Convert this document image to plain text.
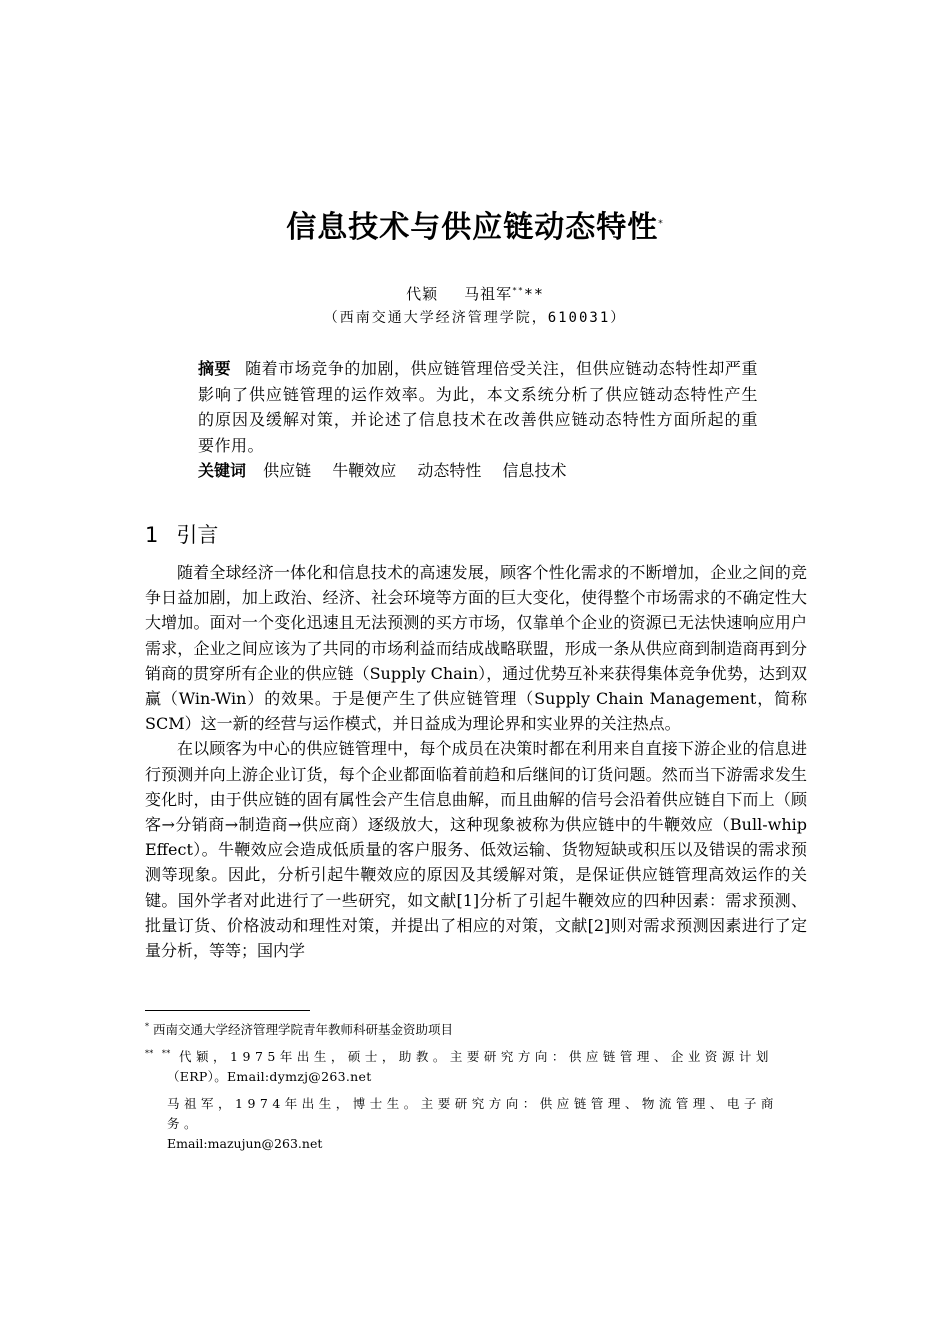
信息技术与供应链动态特性*
代颖　 马祖军****
（西南交通大学经济管理学院，610031）
摘要 随着市场竞争的加剧，供应链管理倍受关注，但供应链动态特性却严重影响了供应链管理的运作效率。为此，本文系统分析了供应链动态特性产生的原因及缓解对策，并论述了信息技术在改善供应链动态特性方面所起的重要作用。
关键词 供应链 牛鞭效应 动态特性 信息技术
1 引言

随着全球经济一体化和信息技术的高速发展，顾客个性化需求的不断增加，企业之间的竞争日益加剧，加上政治、经济、社会环境等方面的巨大变化，使得整个市场需求的不确定性大大增加。面对一个变化迅速且无法预测的买方市场，仅靠单个企业的资源已无法快速响应用户需求，企业之间应该为了共同的市场利益而结成战略联盟，形成一条从供应商到制造商再到分销商的贯穿所有企业的供应链（Supply Chain），通过优势互补来获得集体竞争优势，达到双赢（Win-Win）的效果。于是便产生了供应链管理（Supply Chain Management，简称 SCM）这一新的经营与运作模式，并日益成为理论界和实业界的关注热点。

在以顾客为中心的供应链管理中，每个成员在决策时都在利用来自直接下游企业的信息进行预测并向上游企业订货，每个企业都面临着前趋和后继间的订货问题。然而当下游需求发生变化时，由于供应链的固有属性会产生信息曲解，而且曲解的信号会沿着供应链自下而上（顾客→分销商→制造商→供应商）逐级放大，这种现象被称为供应链中的牛鞭效应（Bull-whip Effect）。牛鞭效应会造成低质量的客户服务、低效运输、货物短缺或积压以及错误的需求预测等现象。因此，分析引起牛鞭效应的原因及其缓解对策，是保证供应链管理高效运作的关键。国外学者对此进行了一些研究，如文献[1]分析了引起牛鞭效应的四种因素：需求预测、批量订货、价格波动和理性对策，并提出了相应的对策，文献[2]则对需求预测因素进行了定量分析，等等；国内学

* 西南交通大学经济管理学院青年教师科研基金资助项目
**　** 代颖，1975年出生，硕士，助教。主要研究方向：供应链管理、企业资源计划
（ERP）。Email:dymzj@263.net
马祖军，1974年出生，博士生。主要研究方向：供应链管理、物流管理、电子商务。
Email:mazujun@263.net
